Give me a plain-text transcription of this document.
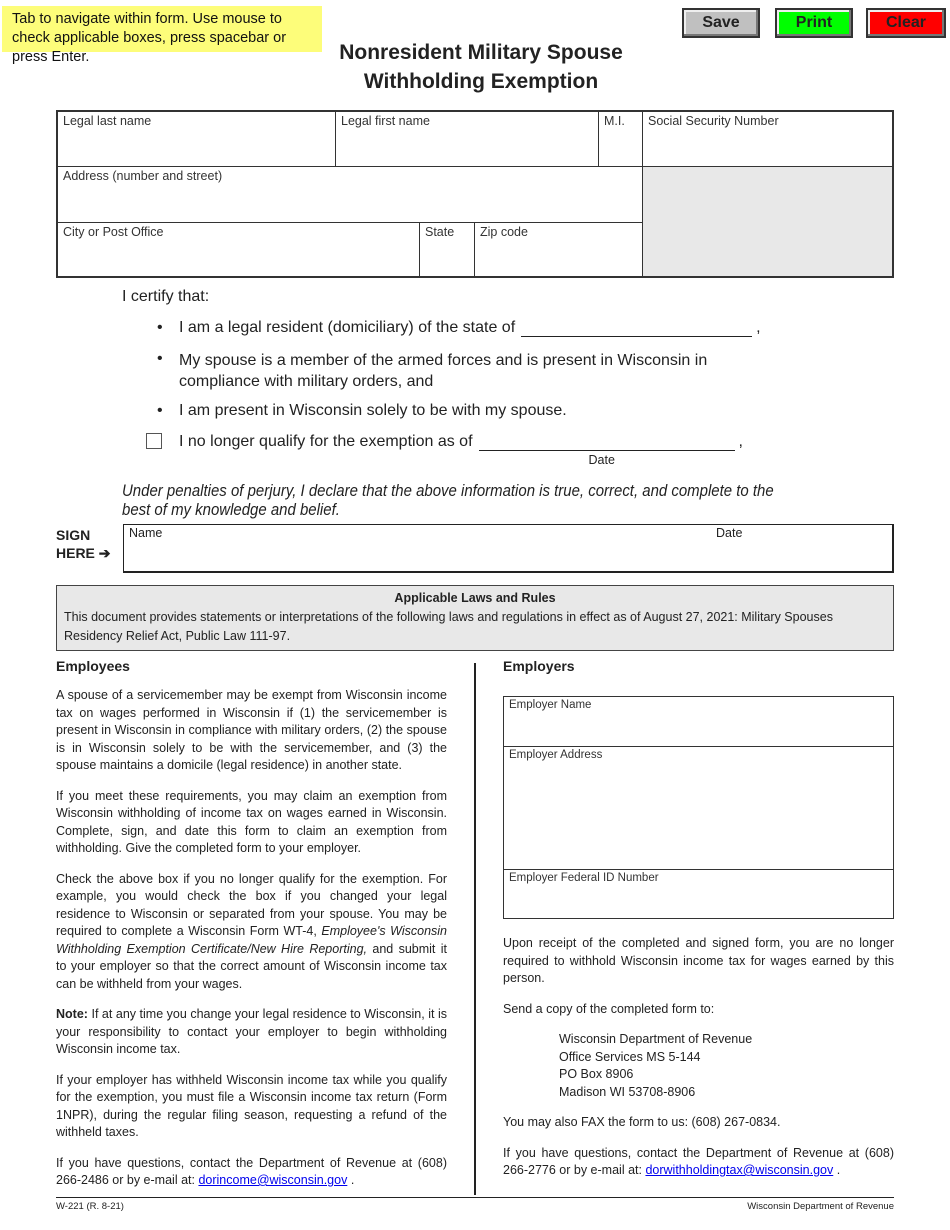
Tab to navigate within form. Use mouse to check applicable boxes, press spacebar or press Enter.
Save	Print	Clear
Nonresident Military Spouse
Withholding Exemption
Legal last name	Legal first name	M.I.	Social Security Number
Address (number and street)
City or Post Office	State	Zip code
I certify that:
• I am a legal resident (domiciliary) of the state of	,
• My spouse is a member of the armed forces and is present in Wisconsin in
compliance with military orders, and
• I am present in Wisconsin solely to be with my spouse.
I no longer qualify for the exemption as of
Date
,
Under penalties of perjury, I declare that the above information is true, correct, and complete to the
best of my knowledge and belief.
SIGN
HERE ➔
Name	Date
Applicable Laws and Rules
This document provides statements or interpretations of the following laws and regulations in effect as of August 27, 2021: Military Spouses Residency Relief Act, Public Law 111-97.
Employees

A spouse of a servicemember may be exempt from Wisconsin income tax on wages performed in Wisconsin if (1) the servicemember is present in Wisconsin in compliance with military orders, (2) the spouse is in Wisconsin solely to be with the servicemember, and (3) the spouse maintains a domicile (legal residence) in another state.

If you meet these requirements, you may claim an exemption from Wisconsin withholding of income tax on wages earned in Wisconsin. Complete, sign, and date this form to claim an exemption from withholding. Give the completed form to your employer.

Check the above box if you no longer qualify for the exemption. For example, you would check the box if you changed your legal residence to Wisconsin or separated from your spouse. You may be required to complete a Wisconsin Form WT-4, Employee's Wisconsin Withholding Exemption Certificate/New Hire Reporting, and submit it to your employer so that the correct amount of Wisconsin income tax can be withheld from your wages.

Note: If at any time you change your legal residence to Wisconsin, it is your responsibility to contact your employer to begin withholding Wisconsin income tax.

If your employer has withheld Wisconsin income tax while you qualify for the exemption, you must file a Wisconsin income tax return (Form 1NPR), during the regular filing season, requesting a refund of the withheld taxes.

If you have questions, contact the Department of Revenue at (608) 266-2486 or by e-mail at: dorincome@wisconsin.gov .

Employers
Employer Name
Employer Address
Employer Federal ID Number

Upon receipt of the completed and signed form, you are no longer required to withhold Wisconsin income tax for wages earned by this person.

Send a copy of the completed form to:

Wisconsin Department of Revenue
Office Services MS 5-144
PO Box 8906
Madison WI 53708-8906

You may also FAX the form to us: (608) 267-0834.

If you have questions, contact the Department of Revenue at (608) 266-2776 or by e-mail at: dorwithholdingtax@wisconsin.gov .

W-221 (R. 8-21)	Wisconsin Department of Revenue
